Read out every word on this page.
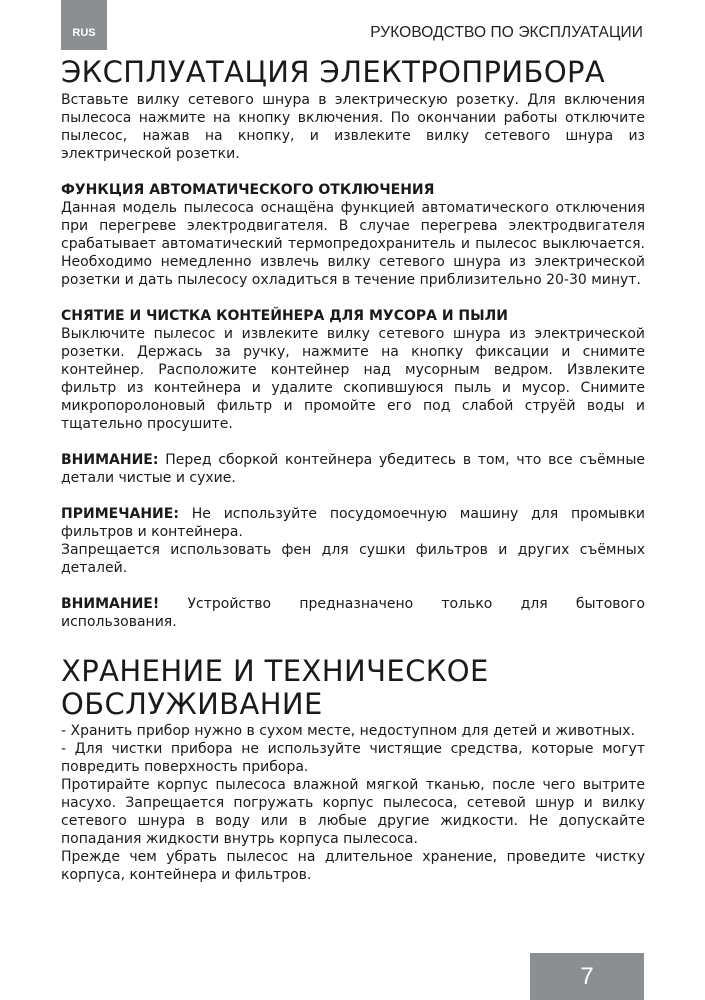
RUS	РУКОВОДСТВО ПО ЭКСПЛУАТАЦИИ
ЭКСПЛУАТАЦИЯ ЭЛЕКТРОПРИБОРА

Вставьте вилку сетевого шнура в электрическую розетку. Для включения пылесоса нажмите на кнопку включения. По окончании работы отключите пылесос, нажав на кнопку, и извлеките вилку сетевого шнура из электрической розетки.

ФУНКЦИЯ АВТОМАТИЧЕСКОГО ОТКЛЮЧЕНИЯ

Данная модель пылесоса оснащёна функцией автоматического отключения при перегреве электродвигателя. В случае перегрева электродвигателя срабатывает автоматический термопредохранитель и пылесос выключается. Необходимо немедленно извлечь вилку сетевого шнура из электрической розетки и дать пылесосу охладиться в течение приблизительно 20-30 минут.

СНЯТИЕ И ЧИСТКА КОНТЕЙНЕРА ДЛЯ МУСОРА И ПЫЛИ

Выключите пылесос и извлеките вилку сетевого шнура из электрической розетки. Держась за ручку, нажмите на кнопку фиксации и снимите контейнер. Расположите контейнер над мусорным ведром. Извлеките фильтр из контейнера и удалите скопившуюся пыль и мусор. Снимите микропоролоновый фильтр и промойте его под слабой струёй воды и тщательно просушите.

ВНИМАНИЕ: Перед сборкой контейнера убедитесь в том, что все съёмные детали чистые и сухие.

ПРИМЕЧАНИЕ: Не используйте посудомоечную машину для промывки фильтров и контейнера.

Запрещается использовать фен для сушки фильтров и других съёмных деталей.

ВНИМАНИЕ! Устройство предназначено только для бытового использования.

ХРАНЕНИЕ И ТЕХНИЧЕСКОЕ
ОБСЛУЖИВАНИЕ

- Хранить прибор нужно в сухом месте, недоступном для детей и животных.

- Для чистки прибора не используйте чистящие средства, которые могут повредить поверхность прибора.

Протирайте корпус пылесоса влажной мягкой тканью, после чего вытрите насухо. Запрещается погружать корпус пылесоса, сетевой шнур и вилку сетевого шнура в воду или в любые другие жидкости. Не допускайте попадания жидкости внутрь корпуса пылесоса.

Прежде чем убрать пылесос на длительное хранение, проведите чистку корпуса, контейнера и фильтров.

7
